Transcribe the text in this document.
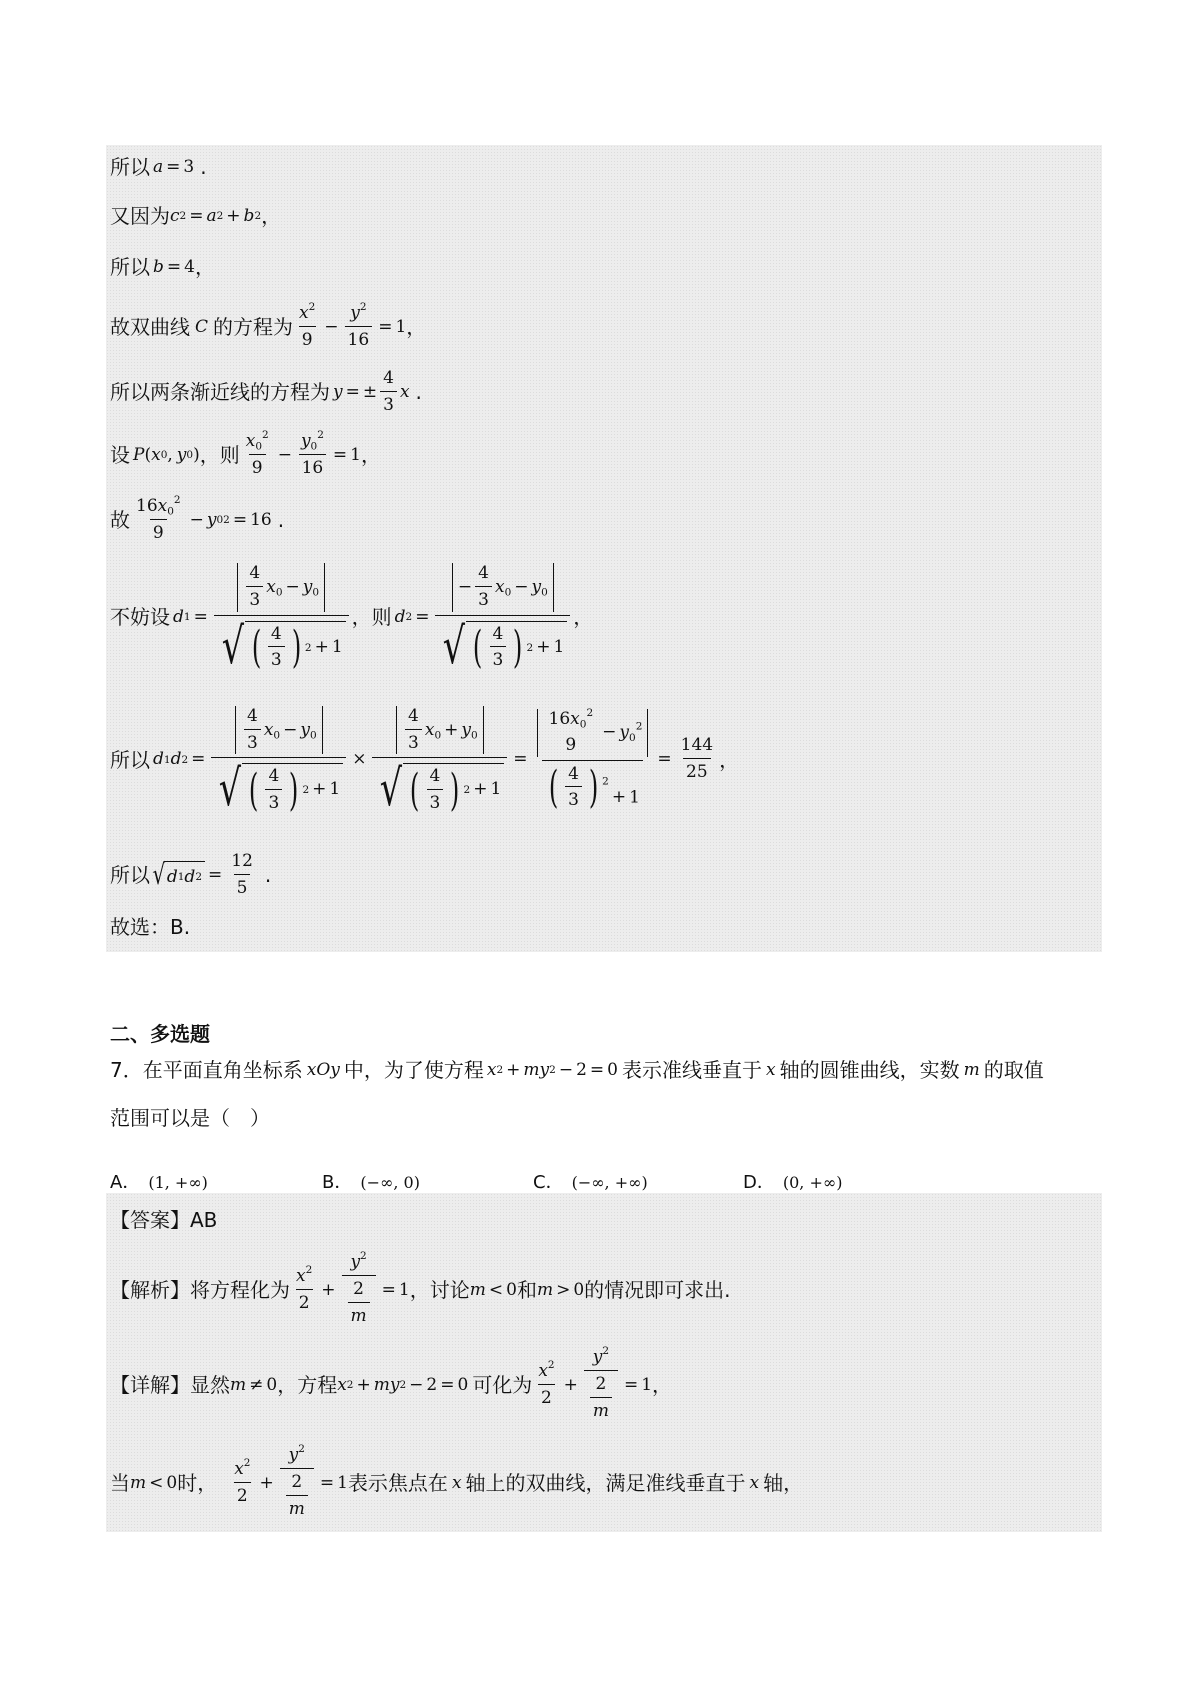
所以 a = 3 .
又因为 c 2 = a 2 + b 2 ，
所以 b = 4 ，
故双曲线 C 的方程为 $\frac{x^2}{9} - \frac{y^2}{16} = 1$ ，
所以两条渐近线的方程为 y = ± $\frac{4}{3}$ x .
设 P ( x 0 , y 0 ) ，则 $\frac{x_0^2}{9} - \frac{y_0^2}{16} = 1$ ，
故 $\frac{16x_0^2}{9} - y$ 0 2 = 16 .
不妨设 d $1 = \frac{\frac{4}{3} x_0 - y_0}{√ ( \frac{4}{3} ) 2 + 1}$ ，则 d $2 = \frac{- \frac{4}{3} x_0 - y_0}{√ ( \frac{4}{3} ) 2 + 1}$ ，
所以 d 1 d $2 = \frac{\frac{4}{3} x_0 - y_0}{√ ( \frac{4}{3} ) 2 + 1} \times \frac{\frac{4}{3} x_0 + y_0}{√ ( \frac{4}{3} ) 2 + 1} = 16x_0^2$
9
− $y_0^2$
( $\frac{4}{3}$ ) $^2+ 1 = \frac{144}{25}$ ，
所以 √ d 1 d $2 = \frac{12}{5}$ .
故选：B.
二、多选题
7．在平面直角坐标系 x O y 中，为了使方程 x 2 + m y 2 − 2 = 0 表示准线垂直于 x 轴的圆锥曲线，实数 m 的取值
范围可以是（　）
A． (1, +∞)	B． (−∞, 0)	C． (−∞, +∞)	D． (0, +∞)
【答案】AB
【解析】将方程化为 $\frac{x^2}{2} + \frac{y^2}{\frac{2}{m}} = 1$ ，讨论 m < 0 和 m > 0 的情况即可求出.
【详解】显然 m ≠ 0 ，方程 x 2 + m y 2 − 2 = 0 可化为 $\frac{x^2}{2} + \frac{y^2}{\frac{2}{m}} = 1$ ，
当 m < 0 时， $\frac{x^2}{2} + \frac{y^2}{\frac{2}{m}} = 1$ 表示焦点在 x 轴上的双曲线，满足准线垂直于 x 轴，
